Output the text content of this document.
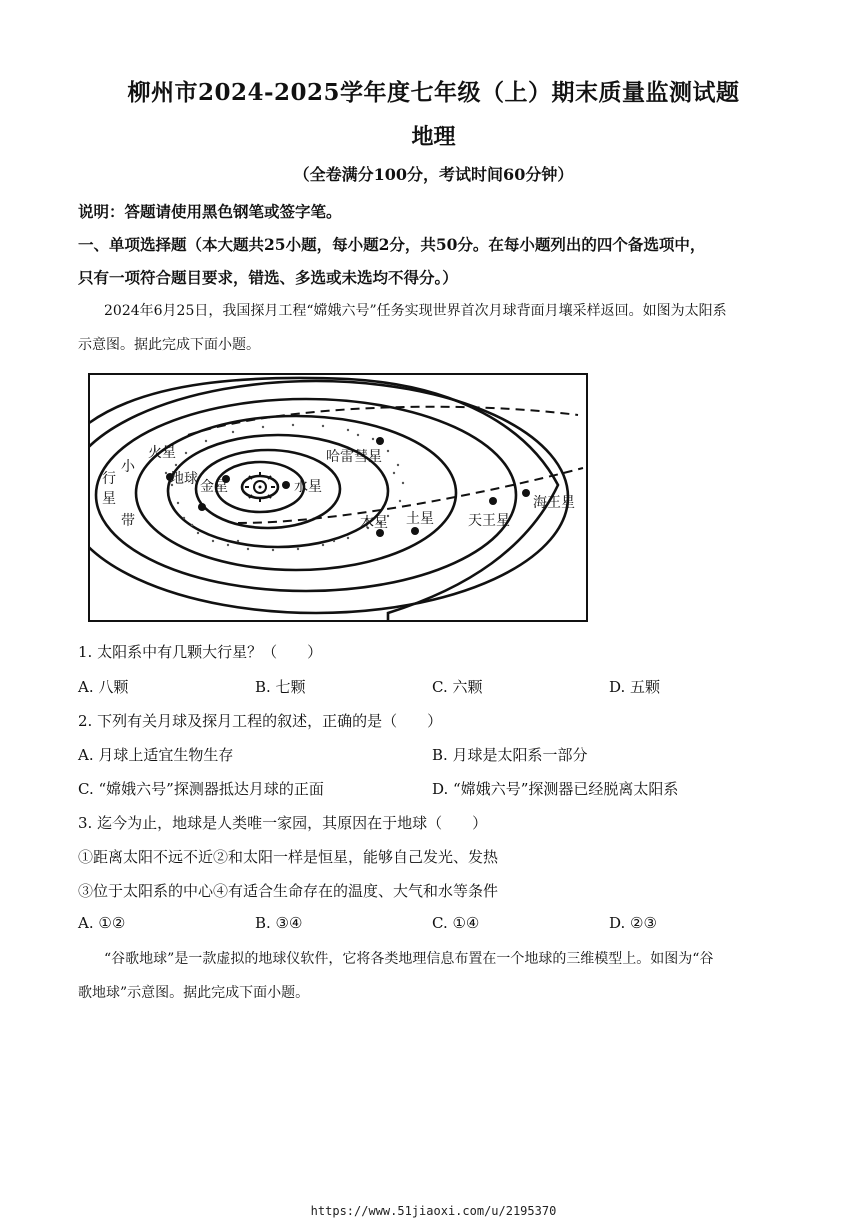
柳州市2024-2025学年度七年级（上）期末质量监测试题
地理
（全卷满分100分，考试时间60分钟）
说明：答题请使用黑色钢笔或签字笔。
一、单项选择题（本大题共25小题，每小题2分，共50分。在每小题列出的四个备选项中，
只有一项符合题目要求，错选、多选或未选均不得分。）
2024年6月25日，我国探月工程“嫦娥六号”任务实现世界首次月球背面月壤采样返回。如图为太阳系
示意图。据此完成下面小题。
小
行
星
带
火星
地球 金星	水星
哈雷彗星
木星 土星 天王星
海王星
1. 太阳系中有几颗大行星？（　　）
A. 八颗	B. 七颗	C. 六颗	D. 五颗
2. 下列有关月球及探月工程的叙述，正确的是（　　）
A. 月球上适宜生物生存	B. 月球是太阳系一部分
C. “嫦娥六号”探测器抵达月球的正面	D. “嫦娥六号”探测器已经脱离太阳系
3. 迄今为止，地球是人类唯一家园，其原因在于地球（　　）
①距离太阳不远不近②和太阳一样是恒星，能够自己发光、发热
③位于太阳系的中心④有适合生命存在的温度、大气和水等条件
A. ①②	B. ③④	C. ①④	D. ②③
“谷歌地球”是一款虚拟的地球仪软件，它将各类地理信息布置在一个地球的三维模型上。如图为“谷
歌地球”示意图。据此完成下面小题。
https://www.51jiaoxi.com/u/2195370
